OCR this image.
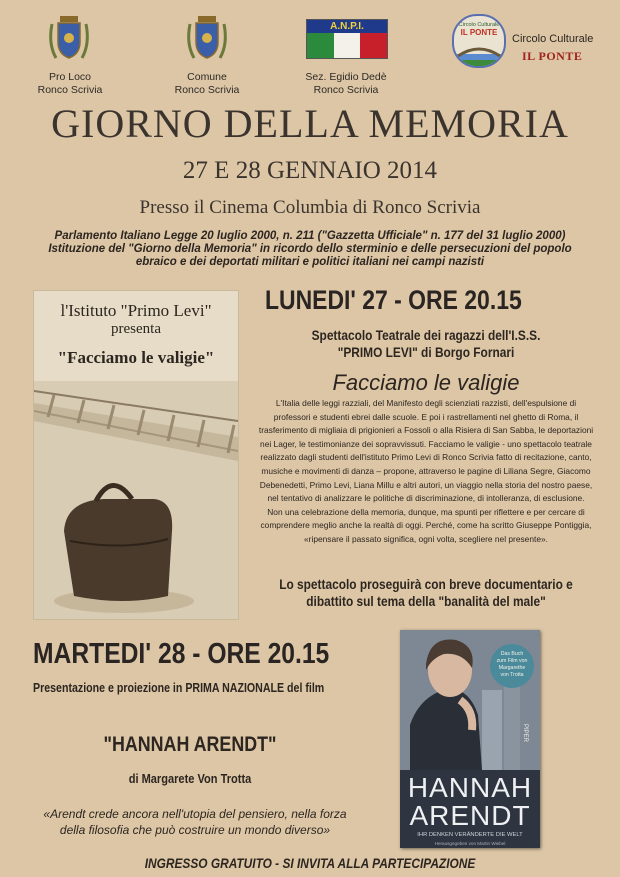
Pro Loco
Ronco Scrivia
Comune
Ronco Scrivia
A.N.P.I.
Sez. Egidio Dedè
Ronco Scrivia
Circolo Culturale
IL PONTE
Circolo Culturale
IL PONTE
GIORNO DELLA MEMORIA
27 E 28 GENNAIO 2014
Presso il Cinema Columbia di Ronco Scrivia
Parlamento Italiano Legge 20 luglio 2000, n. 211 ("Gazzetta Ufficiale" n. 177 del 31 luglio 2000)
Istituzione del "Giorno della Memoria" in ricordo dello sterminio e delle persecuzioni del popolo
ebraico e dei deportati militari e politici italiani nei campi nazisti
l'Istituto "Primo Levi"
presenta
"Facciamo le valigie"
LUNEDI' 27 - ORE 20.15
Spettacolo Teatrale dei ragazzi dell'I.S.S.
"PRIMO LEVI" di Borgo Fornari
Facciamo le valigie
L'Italia delle leggi razziali, del Manifesto degli scienziati razzisti, dell'espulsione di
professori e studenti ebrei dalle scuole. E poi i rastrellamenti nel ghetto di Roma, il
trasferimento di migliaia di prigionieri a Fossoli o alla Risiera di San Sabba, le deportazioni
nei Lager, le testimonianze dei sopravvissuti. Facciamo le valigie - uno spettacolo teatrale
realizzato dagli studenti dell'istituto Primo Levi di Ronco Scrivia fatto di recitazione, canto,
musiche e movimenti di danza – propone, attraverso le pagine di Liliana Segre, Giacomo
Debenedetti, Primo Levi, Liana Millu e altri autori, un viaggio nella storia del nostro paese,
nel tentativo di analizzare le politiche di discriminazione, di intolleranza, di esclusione.
Non una celebrazione della memoria, dunque, ma spunti per riflettere e per cercare di
comprendere meglio anche la realtà di oggi. Perché, come ha scritto Giuseppe Pontiggia,
«ripensare il passato significa, ogni volta, scegliere nel presente».
Lo spettacolo proseguirà con breve documentario e
dibattito sul tema della "banalità del male"
MARTEDI' 28 - ORE 20.15
Presentazione e proiezione in PRIMA NAZIONALE del film
"HANNAH ARENDT"
di Margarete Von Trotta
«Arendt crede ancora nell'utopia del pensiero, nella forza
della filosofia che può costruire un mondo diverso»
Das Buch
zum Film von
Margarethe
von Trotta
PIPER
HANNAH
ARENDT
IHR DENKEN VERÄNDERTE DIE WELT
Herausgegeben von Martin Wiebel
INGRESSO GRATUITO - SI INVITA ALLA PARTECIPAZIONE
